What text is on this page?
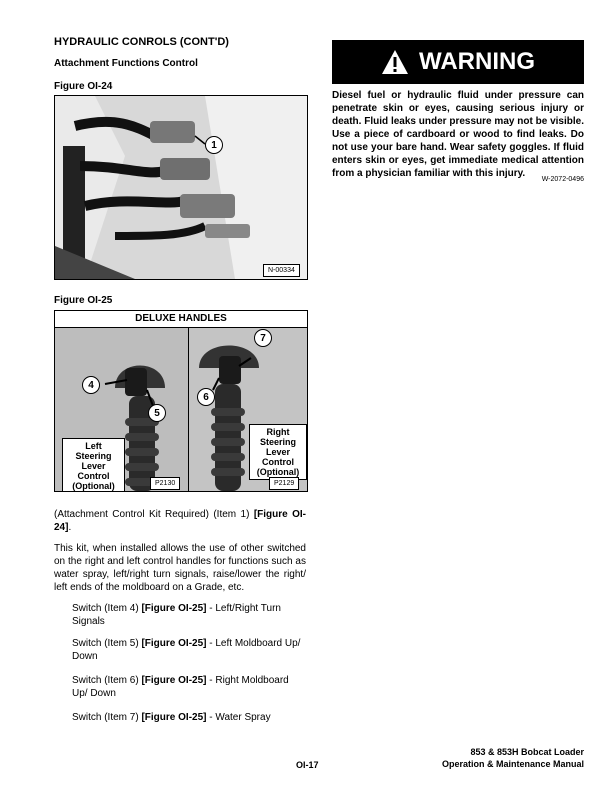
HYDRAULIC CONROLS (CONT'D)
Attachment Functions Control
Figure OI-24
1
N-00334
Figure OI-25
DELUXE HANDLES
4
5
6
7
Left
Steering
Lever
Control
(Optional)
Right
Steering
Lever
Control
(Optional)
P2130	P2129
(Attachment Control Kit Required) (Item 1) [Figure OI-24].
This kit, when installed allows the use of other switched on the right and left control handles for functions such as water spray, left/right turn signals, raise/lower the right/ left ends of the moldboard on a Grade, etc.
Switch (Item 4) [Figure OI-25] - Left/Right Turn Signals
Switch (Item 5) [Figure OI-25] - Left Moldboard Up/ Down
Switch (Item 6) [Figure OI-25] - Right Moldboard Up/ Down
Switch (Item 7) [Figure OI-25] - Water Spray
WARNING
Diesel fuel or hydraulic fluid under pressure can penetrate skin or eyes, causing serious injury or death. Fluid leaks under pressure may not be visible. Use a piece of cardboard or wood to find leaks. Do not use your bare hand. Wear safety goggles. If fluid enters skin or eyes, get immediate medical attention from a physician familiar with this injury.
W-2072-0496
OI-17
853 & 853H Bobcat Loader
Operation & Maintenance Manual
